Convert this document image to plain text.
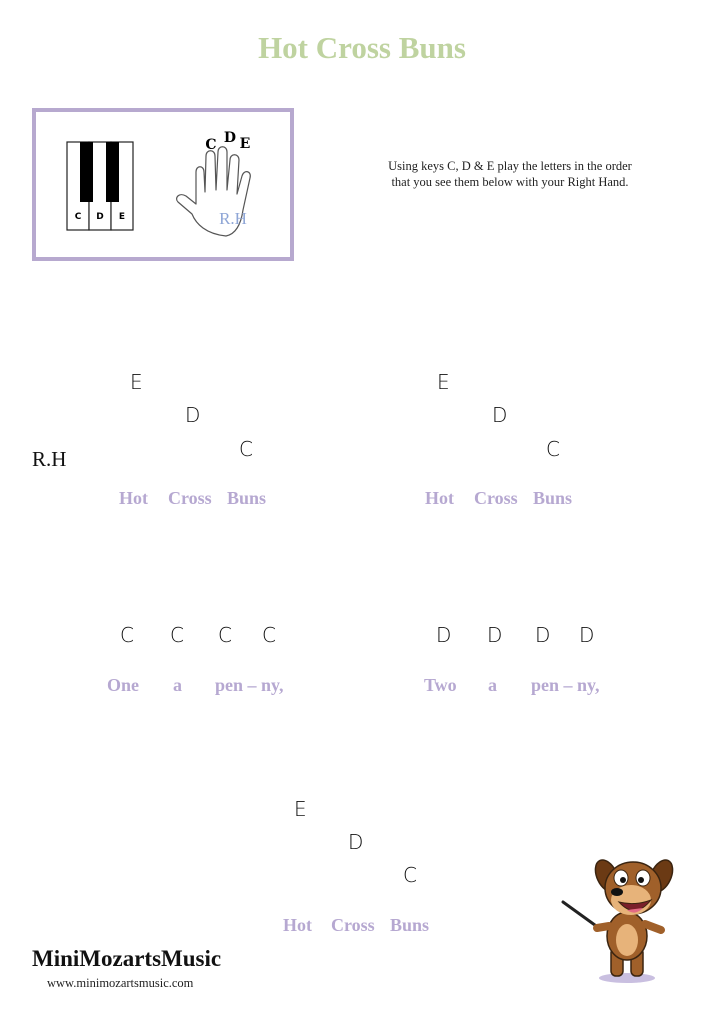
Hot Cross Buns
C D E
C D E
R.H
Using keys C, D & E play the letters in the order
that you see them below with your Right Hand.
R.H
E
D
C
Hot Cross Buns
E
D
C
Hot Cross Buns
C C C C
One a pen – ny,
D D D D
Two a pen – ny,
E
D
C
Hot Cross Buns
MiniMozartsMusic
www.minimozartsmusic.com
